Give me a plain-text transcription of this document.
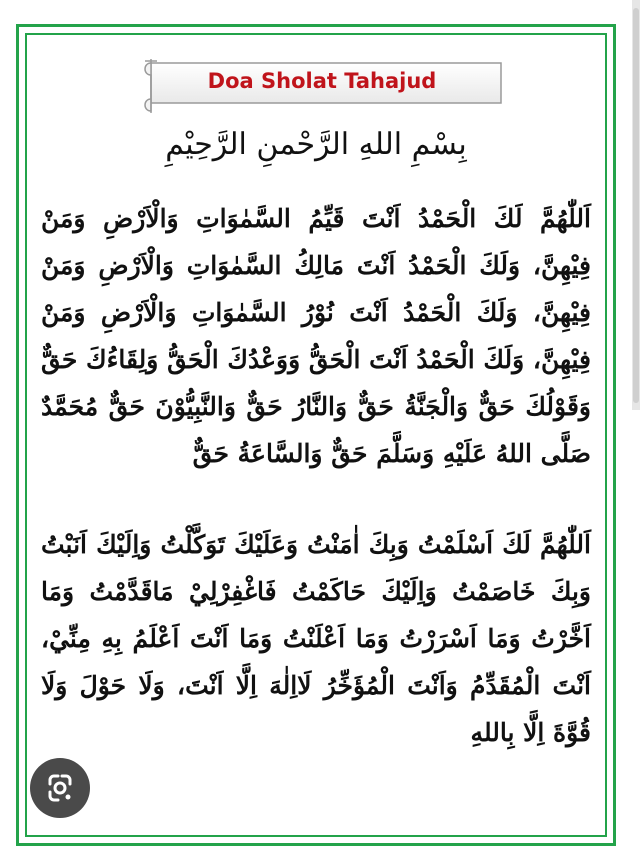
Doa Sholat Tahajud
بِسْمِ اللهِ الرَّحْمنِ الرَّحِيْمِ
اَللّٰهُمَّ لَكَ الْحَمْدُ اَنْتَ قَيِّمُ السَّمٰوَاتِ وَالْاَرْضِ وَمَنْ فِيْهِنَّ، وَلَكَ الْحَمْدُ اَنْتَ مَالِكُ السَّمٰوَاتِ وَالْاَرْضِ وَمَنْ فِيْهِنَّ، وَلَكَ الْحَمْدُ اَنْتَ نُوْرُ السَّمٰوَاتِ وَالْاَرْضِ وَمَنْ فِيْهِنَّ، وَلَكَ الْحَمْدُ اَنْتَ الْحَقُّ وَوَعْدُكَ الْحَقُّ وَلِقَاءُكَ حَقٌّ وَقَوْلُكَ حَقٌّ وَالْجَنَّةُ حَقٌّ وَالنَّارُ حَقٌّ وَالنَّبِيُّوْنَ حَقٌّ مُحَمَّدٌ صَلَّى اللهُ عَلَيْهِ وَسَلَّمَ حَقٌّ وَالسَّاعَةُ حَقٌّ
اَللّٰهُمَّ لَكَ اَسْلَمْتُ وَبِكَ اٰمَنْتُ وَعَلَيْكَ تَوَكَّلْتُ وَاِلَيْكَ اَنَبْتُ وَبِكَ خَاصَمْتُ وَاِلَيْكَ حَاكَمْتُ فَاغْفِرْلِيْ مَاقَدَّمْتُ وَمَا اَخَّرْتُ وَمَا اَسْرَرْتُ وَمَا اَعْلَنْتُ وَمَا اَنْتَ اَعْلَمُ بِهِ مِنِّيْ، اَنْتَ الْمُقَدِّمُ وَاَنْتَ الْمُؤَخِّرُ لَااِلٰهَ اِلَّا اَنْتَ، وَلَا حَوْلَ وَلَا قُوَّةَ اِلَّا بِاللهِ
